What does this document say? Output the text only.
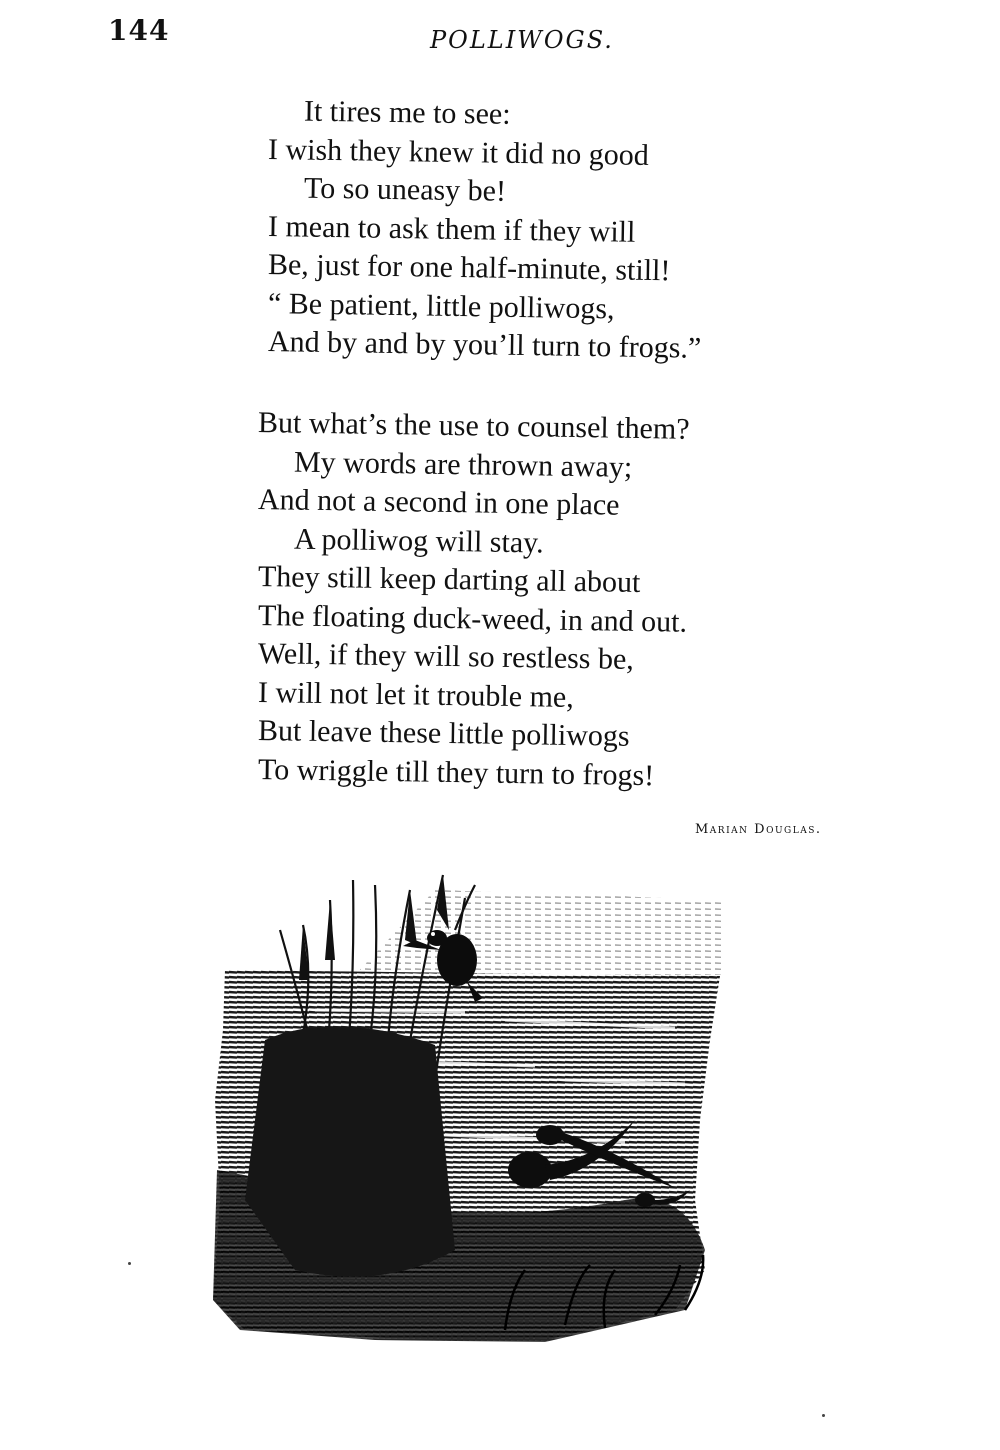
144	POLLIWOGS.
It tires me to see:
I wish they knew it did no good
To so uneasy be!
I mean to ask them if they will
Be, just for one half-minute, still!
“ Be patient, little polliwogs,
And by and by you’ll turn to frogs.”
But what’s the use to counsel them?
My words are thrown away;
And not a second in one place
A polliwog will stay.
They still keep darting all about
The floating duck-weed, in and out.
Well, if they will so restless be,
I will not let it trouble me,
But leave these little polliwogs
To wriggle till they turn to frogs!
Marian Douglas.
